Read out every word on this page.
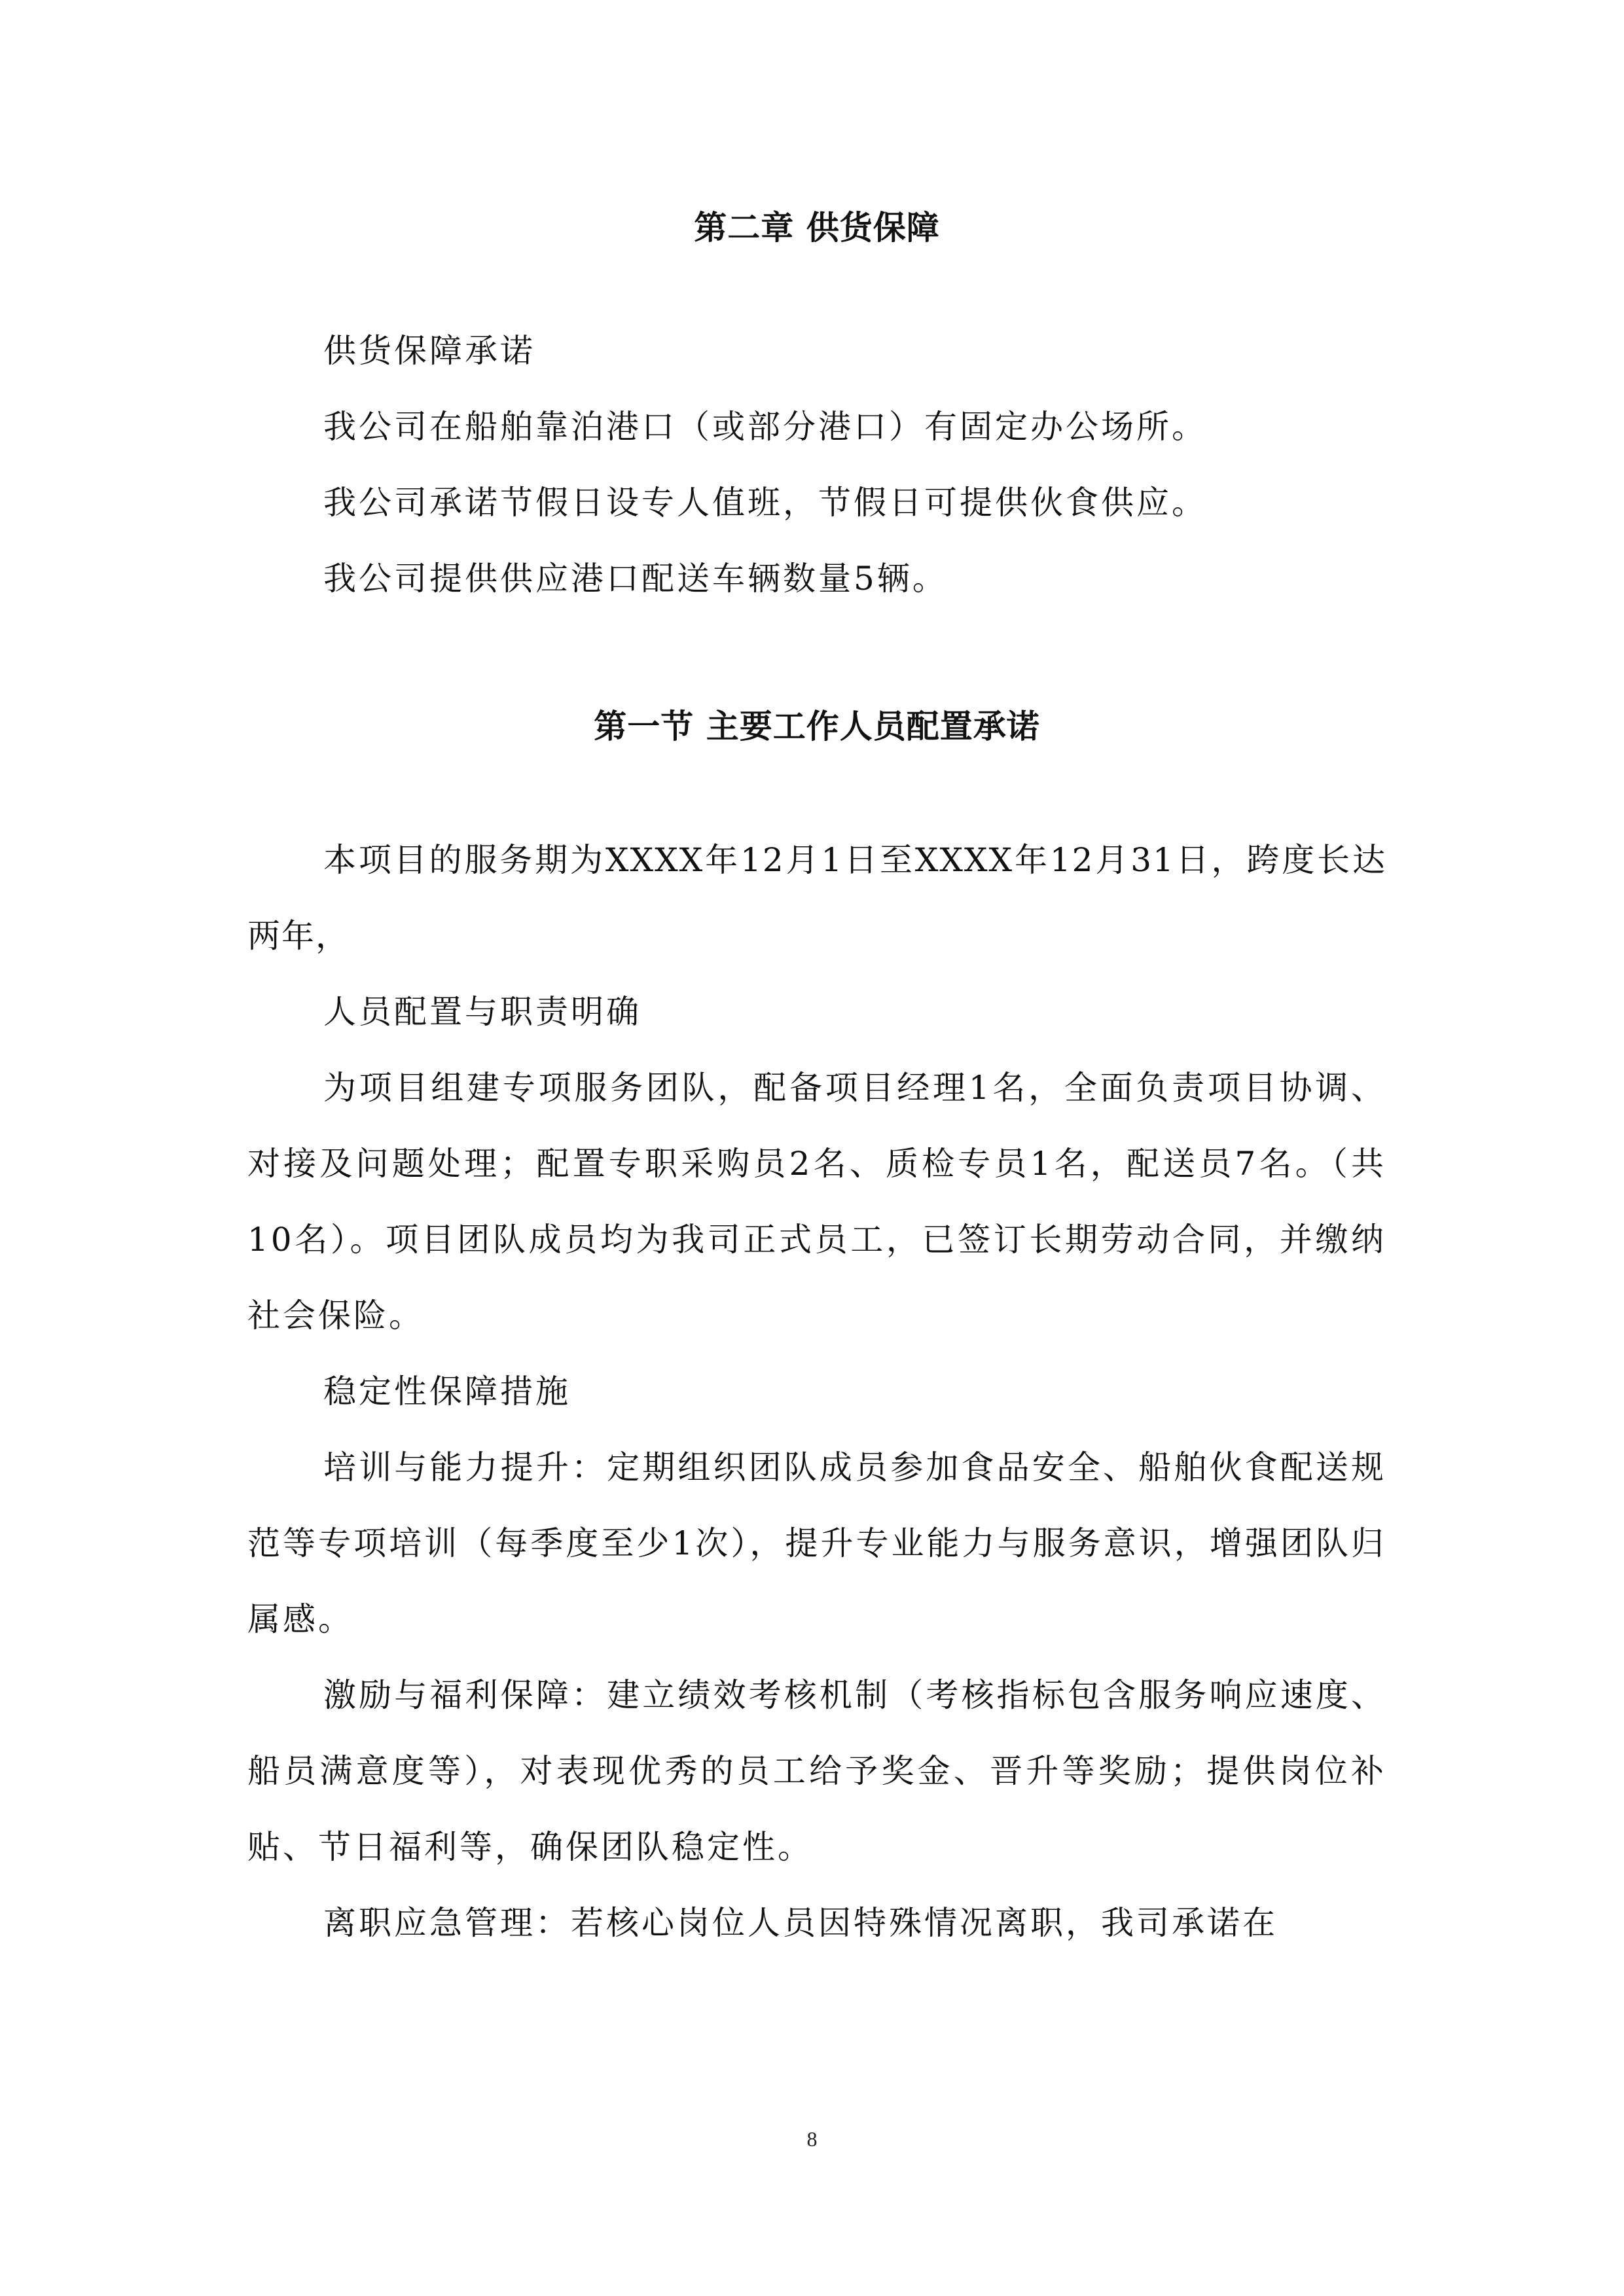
第二章 供货保障

供货保障承诺

我公司在船舶靠泊港口（或部分港口）有固定办公场所。

我公司承诺节假日设专人值班，节假日可提供伙食供应。

我公司提供供应港口配送车辆数量5辆。

第一节 主要工作人员配置承诺

本项目的服务期为XXXX年12月1日至XXXX年12月31日，跨度长达两年，

人员配置与职责明确

为项目组建专项服务团队，配备项目经理1名，全面负责项目协调、对接及问题处理；配置专职采购员2名、质检专员1名，配送员7名。（共10名）。项目团队成员均为我司正式员工，已签订长期劳动合同，并缴纳社会保险。

稳定性保障措施

培训与能力提升：定期组织团队成员参加食品安全、船舶伙食配送规范等专项培训（每季度至少1次），提升专业能力与服务意识，增强团队归属感。

激励与福利保障：建立绩效考核机制（考核指标包含服务响应速度、船员满意度等），对表现优秀的员工给予奖金、晋升等奖励；提供岗位补贴、节日福利等，确保团队稳定性。

离职应急管理：若核心岗位人员因特殊情况离职，我司承诺在

8
